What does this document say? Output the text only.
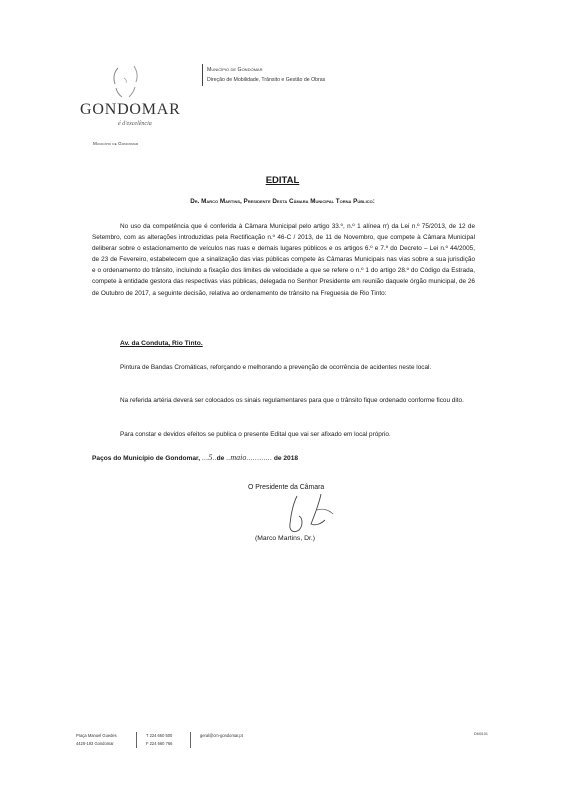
GONDOMAR
é d'excelência
Município de Gondomar
Município de Gondomar
Direção de Mobilidade, Trânsito e Gestão de Obras
EDITAL
Dr. Marco Martins, Presidente Desta Câmara Municipal Torna Público:
No uso da competência que é conferida à Câmara Municipal pelo artigo 33.º, n.º 1 alínea rr) da Lei n.º 75/2013, de 12 de Setembro, com as alterações introduzidas pela Rectificação n.º 46-C / 2013, de 11 de Novembro, que compete à Câmara Municipal deliberar sobre o estacionamento de veículos nas ruas e demais lugares públicos e os artigos 6.º e 7.º do Decreto – Lei n.º 44/2005, de 23 de Fevereiro, estabelecem que a sinalização das vias públicas compete às Câmaras Municipais nas vias sobre a sua jurisdição e o ordenamento do trânsito, incluindo a fixação dos limites de velocidade a que se refere o n.º 1 do artigo 28.º do Código da Estrada, compete à entidade gestora das respectivas vias públicas, delegada no Senhor Presidente em reunião daquele órgão municipal, de 26 de Outubro de 2017, a seguinte decisão, relativa ao ordenamento de trânsito na Freguesia de Rio Tinto:
Av. da Conduta, Rio Tinto.
Pintura de Bandas Cromáticas, reforçando e melhorando a prevenção de ocorrência de acidentes neste local.
Na referida artéria deverá ser colocados os sinais regulamentares para que o trânsito fique ordenado conforme ficou dito.
Para constar e devidos efeitos se publica o presente Edital que vai ser afixado em local próprio.
Paços do Município de Gondomar, ...5..de ..maio............ de 2018
O Presidente da Câmara
(Marco Martins, Dr.)
Praça Manuel Guedes
4420-193 Gondomar
T 224 660 500
F 224 660 766
geral@cm-gondomar.pt	DM0101
